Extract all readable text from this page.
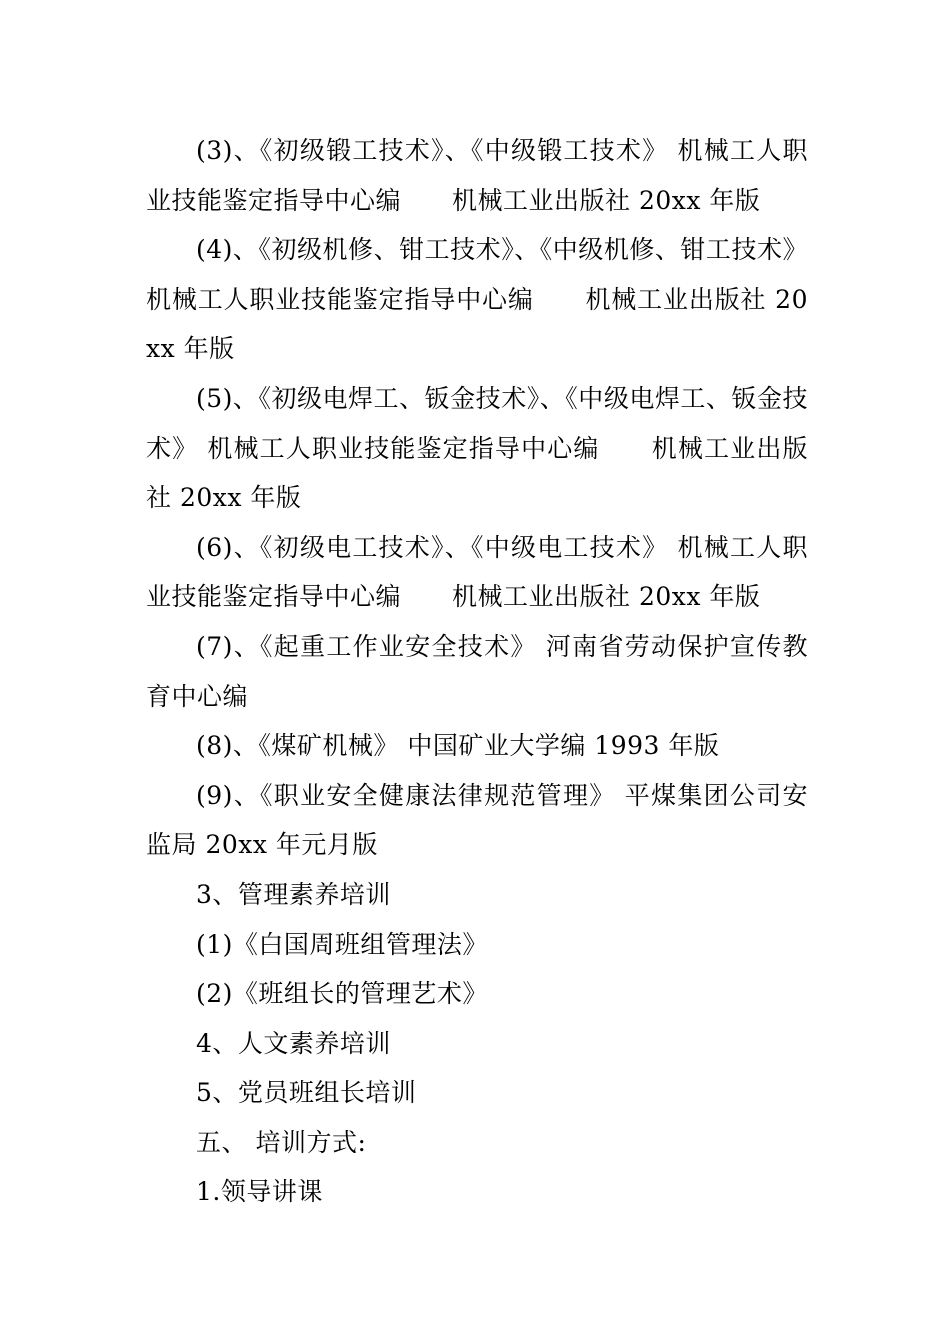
(3)、《初级锻工技术》、《中级锻工技术》 机械工人职业技能鉴定指导中心编　　机械工业出版社 20xx 年版

(4)、《初级机修、钳工技术》、《中级机修、钳工技术》 机械工人职业技能鉴定指导中心编　　机械工业出版社 20xx 年版

(5)、《初级电焊工、钣金技术》、《中级电焊工、钣金技术》 机械工人职业技能鉴定指导中心编　　机械工业出版社 20xx 年版

(6)、《初级电工技术》、《中级电工技术》 机械工人职业技能鉴定指导中心编　　机械工业出版社 20xx 年版

(7)、《起重工作业安全技术》 河南省劳动保护宣传教育中心编

(8)、《煤矿机械》 中国矿业大学编 1993 年版

(9)、《职业安全健康法律规范管理》 平煤集团公司安监局 20xx 年元月版

3、管理素养培训

(1)《白国周班组管理法》

(2)《班组长的管理艺术》

4、人文素养培训

5、党员班组长培训

五、 培训方式:

1.领导讲课
